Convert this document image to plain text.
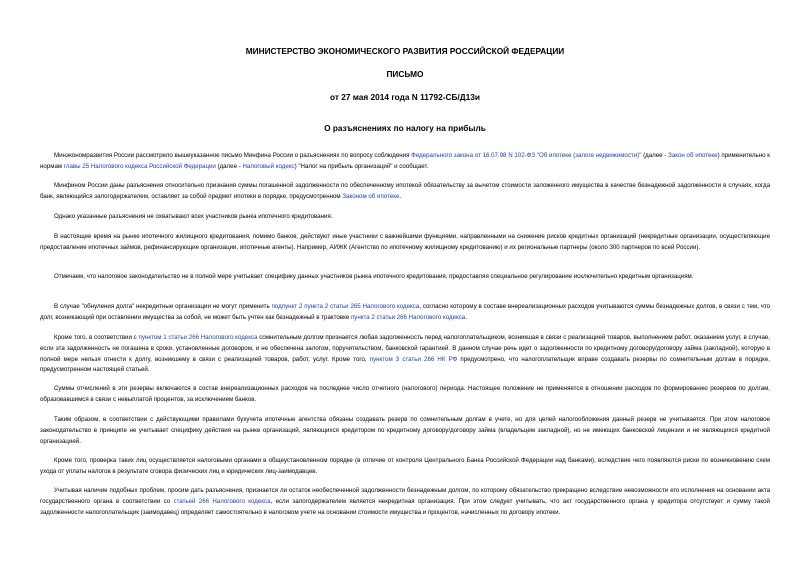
МИНИСТЕРСТВО ЭКОНОМИЧЕСКОГО РАЗВИТИЯ РОССИЙСКОЙ ФЕДЕРАЦИИ
ПИСЬМО
от 27 мая 2014 года N 11792-СБ/Д13и
О разъяснениях по налогу на прибыль

Минэкономразвития России рассмотрело вышеуказанное письмо Минфина России о разъяснениях по вопросу соблюдения Федерального закона от 16.07.98 N 102-ФЗ "Об ипотеке (залоге недвижимости)" (далее - Закон об ипотеке) применительно к нормам главы 25 Налогового кодекса Российской Федерации (далее - Налоговый кодекс) "Налог на прибыль организаций" и сообщает.

Минфином России даны разъяснения относительно признания суммы погашенной задолженности по обеспеченному ипотекой обязательству за вычетом стоимости заложенного имущества в качестве безнадежной задолженности в случаях, когда банк, являющийся залогодержателем, оставляет за собой предмет ипотеки в порядке, предусмотренном Законом об ипотеке.

Однако указанные разъяснения не охватывают всех участников рынка ипотечного кредитования.

В настоящее время на рынке ипотечного жилищного кредитования, помимо банков, действуют иные участники с важнейшими функциями, направленными на снижение рисков кредитных организаций (некредитные организации, осуществляющие предоставление ипотечных займов, рефинансирующие организации, ипотечные агенты). Например, АИЖК (Агентство по ипотечному жилищному кредитованию) и их региональные партнеры (около 300 партнеров по всей России).

Отмечаем, что налоговое законодательство не в полной мере учитывает специфику данных участников рынка ипотечного кредитования, предоставляя специальное регулирование исключительно кредитным организациям.

В случае "обнуления долга" некредитные организации не могут применить подпункт 2 пункта 2 статьи 265 Налогового кодекса, согласно которому в составе внереализационных расходов учитываются суммы безнадежных долгов, в связи с тем, что долг, возникающий при оставлении имущества за собой, не может быть учтен как безнадежный в трактовке пункта 2 статьи 266 Налогового кодекса.

Кроме того, в соответствии с пунктом 1 статьи 266 Налогового кодекса сомнительным долгом признается любая задолженность перед налогоплательщиком, возникшая в связи с реализацией товаров, выполнением работ, оказанием услуг, в случае, если эта задолженность не погашена в сроки, установленные договором, и не обеспечена залогом, поручительством, банковской гарантией. В данном случае речь идет о задолженности по кредитному договору/договору займа (закладной), которую в полной мере нельзя отнести к долгу, возникшему в связи с реализацией товаров, работ, услуг. Кроме того, пунктом 3 статьи 266 НК РФ предусмотрено, что налогоплательщик вправе создавать резервы по сомнительным долгам в порядке, предусмотренном настоящей статьей.

Суммы отчислений в эти резервы включаются в состав внереализационных расходов на последнее число отчетного (налогового) периода. Настоящее положение не применяется в отношении расходов по формированию резервов по долгам, образовавшимся в связи с невыплатой процентов, за исключением банков.

Таким образом, в соответствии с действующими правилами бухучета ипотечные агентства обязаны создавать резерв по сомнительным долгам в учете, но для целей налогообложения данный резерв не учитывается. При этом налоговое законодательство в принципе не учитывает специфику действия на рынке организаций, являющихся кредитором по кредитному договору/договору займа (владельцем закладной), но не имеющих банковской лицензии и не являющихся кредитной организацией.

Кроме того, проверка таких лиц осуществляется налоговыми органами в общеустановленном порядке (в отличие от контроля Центрального Банка Российской Федерации над банками), вследствие чего появляются риски по возникновению схем ухода от уплаты налогов в результате сговора физических лиц и юридических лиц-заимодавцев.

Учитывая наличие подобных проблем, просим дать разъяснения, признается ли остаток необеспеченной задолженности безнадежным долгом, по которому обязательство прекращено вследствие невозможности его исполнения на основании акта государственного органа в соответствии со статьей 266 Налогового кодекса, если залогодержателем является некредитная организация. При этом следует учитывать, что акт государственного органа у кредитора отсутствует и сумму такой задолженности налогоплательщик (заимодавец) определяет самостоятельно в налоговом учете на основании стоимости имущества и процентов, начисленных по договору ипотеки.
